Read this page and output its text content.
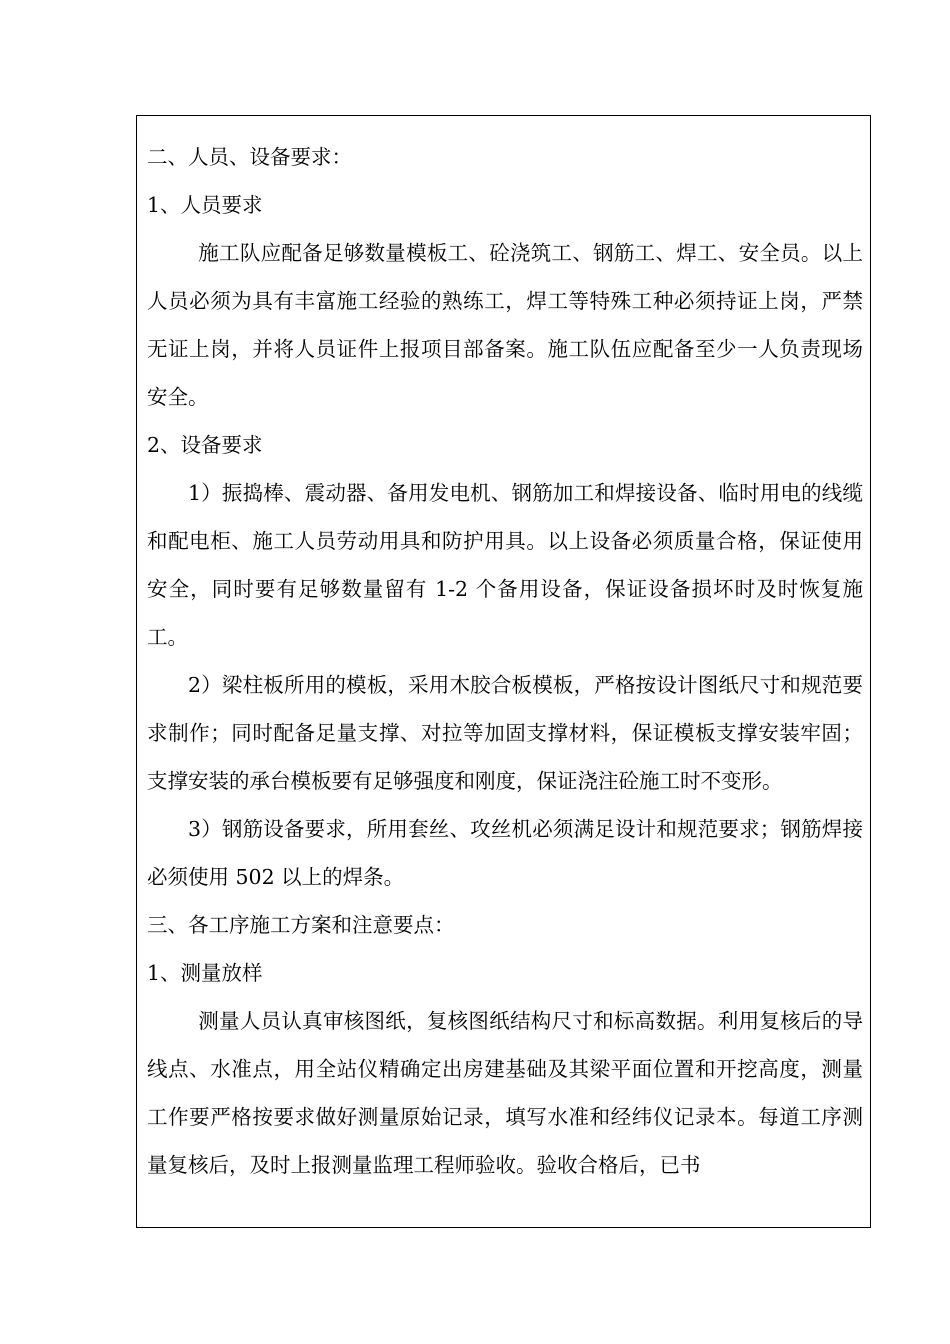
二、人员、设备要求：

1、人员要求

施工队应配备足够数量模板工、砼浇筑工、钢筋工、焊工、安全员。以上人员必须为具有丰富施工经验的熟练工，焊工等特殊工种必须持证上岗，严禁无证上岗，并将人员证件上报项目部备案。施工队伍应配备至少一人负责现场安全。

2、设备要求

1）振捣棒、震动器、备用发电机、钢筋加工和焊接设备、临时用电的线缆和配电柜、施工人员劳动用具和防护用具。以上设备必须质量合格，保证使用安全，同时要有足够数量留有 1-2 个备用设备，保证设备损坏时及时恢复施工。

2）梁柱板所用的模板，采用木胶合板模板，严格按设计图纸尺寸和规范要求制作；同时配备足量支撑、对拉等加固支撑材料，保证模板支撑安装牢固；支撑安装的承台模板要有足够强度和刚度，保证浇注砼施工时不变形。

3）钢筋设备要求，所用套丝、攻丝机必须满足设计和规范要求；钢筋焊接必须使用 502 以上的焊条。

三、各工序施工方案和注意要点：

1、测量放样

测量人员认真审核图纸，复核图纸结构尺寸和标高数据。利用复核后的导线点、水准点，用全站仪精确定出房建基础及其梁平面位置和开挖高度，测量工作要严格按要求做好测量原始记录，填写水准和经纬仪记录本。每道工序测量复核后，及时上报测量监理工程师验收。验收合格后，已书
